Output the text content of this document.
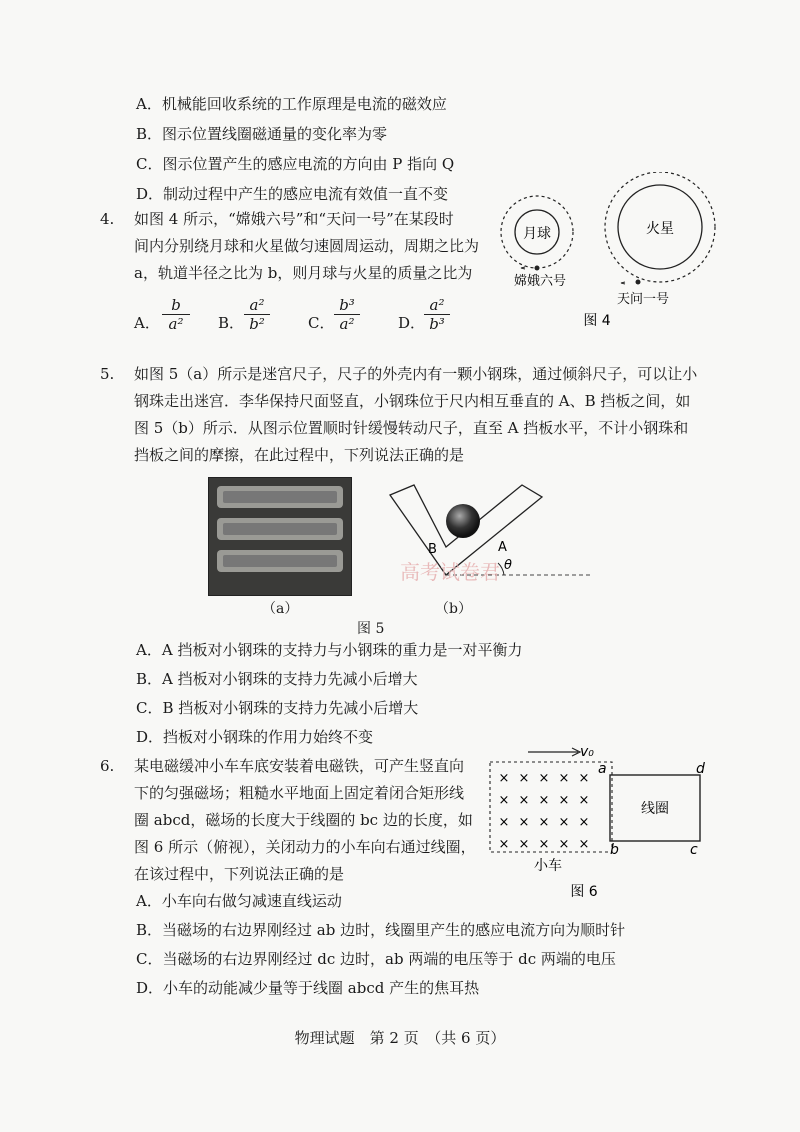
A．机械能回收系统的工作原理是电流的磁效应
B．图示位置线圈磁通量的变化率为零
C．图示位置产生的感应电流的方向由 P 指向 Q
D．制动过程中产生的感应电流有效值一直不变
4. 如图 4 所示，“嫦娥六号”和“天问一号”在某段时
间内分别绕月球和火星做匀速圆周运动，周期之比为
a，轨道半径之比为 b，则月球与火星的质量之比为
A． $\frac{b}{\text{a²}}$ B． $\frac{\text{a²}}{\text{b²}}$	C． $\frac{\text{b³}}{\text{a²}}$	D．
$\frac{\text{a²}}{\text{b³}}$
月球
嫦娥六号
火星
天问一号
图 4
5. 如图 5（a）所示是迷宫尺子，尺子的外壳内有一颗小钢珠，通过倾斜尺子，可以让小
钢珠走出迷宫．李华保持尺面竖直，小钢珠位于尺内相互垂直的 A、B 挡板之间，如
图 5（b）所示．从图示位置顺时针缓慢转动尺子，直至 A 挡板水平，不计小钢珠和
挡板之间的摩擦，在此过程中，下列说法正确的是
（a）
B	A
θ
高考试卷君
（b）
图 5
A．A 挡板对小钢珠的支持力与小钢珠的重力是一对平衡力
B．A 挡板对小钢珠的支持力先减小后增大
C．B 挡板对小钢珠的支持力先减小后增大
D．挡板对小钢珠的作用力始终不变
6. 某电磁缓冲小车车底安装着电磁铁，可产生竖直向
下的匀强磁场；粗糙水平地面上固定着闭合矩形线
圈 abcd，磁场的长度大于线圈的 bc 边的长度，如
图 6 所示（俯视），关闭动力的小车向右通过线圈，
在该过程中，下列说法正确的是
v₀
× × × × ×
× × × × ×
× × × × ×
× × × × ×
线圈
a	d
b	c
小车
图 6
A．小车向右做匀减速直线运动
B．当磁场的右边界刚经过 ab 边时，线圈里产生的感应电流方向为顺时针
C．当磁场的右边界刚经过 dc 边时，ab 两端的电压等于 dc 两端的电压
D．小车的动能减少量等于线圈 abcd 产生的焦耳热
物理试题　第 2 页　（共 6 页）
